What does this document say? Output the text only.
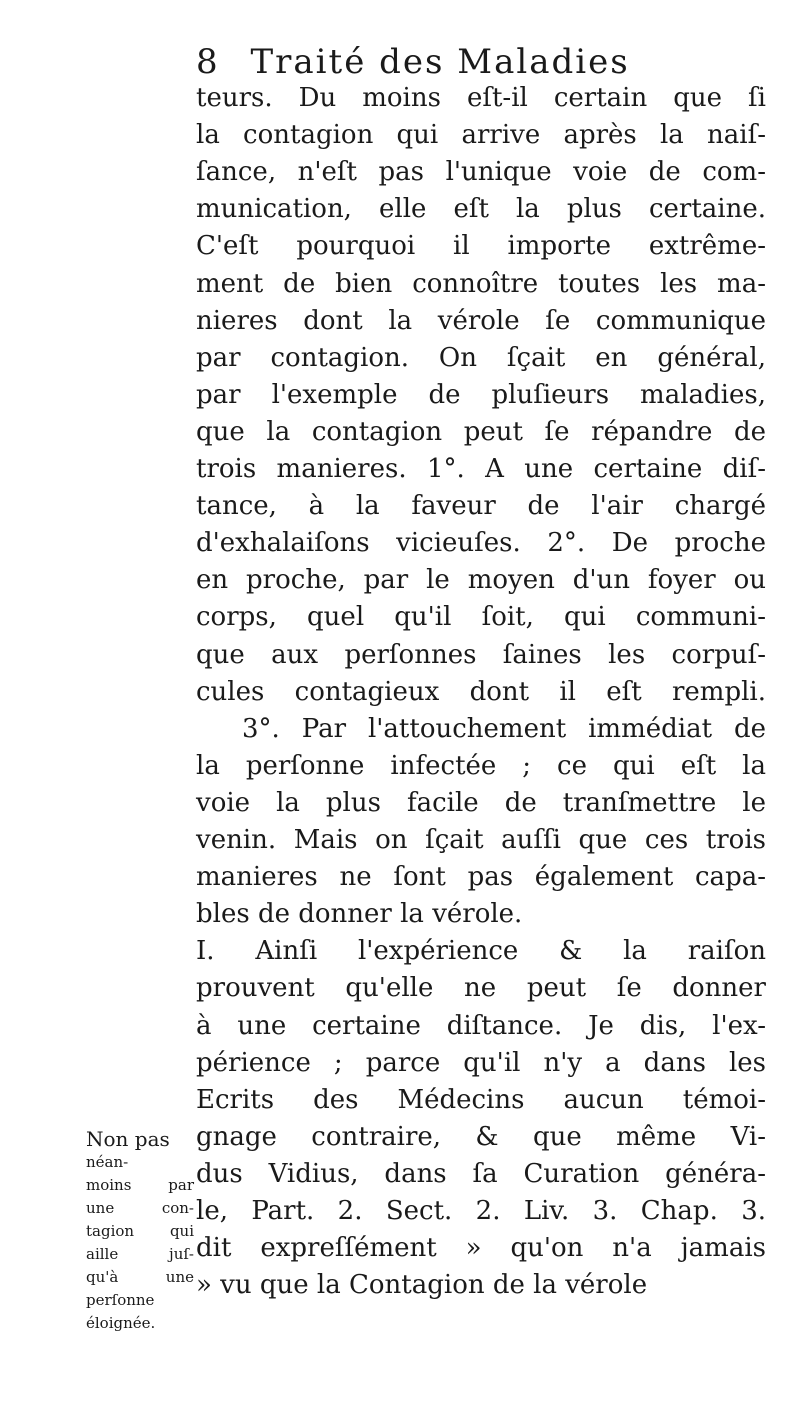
8 Traité des Maladies
teurs. Du moins eſt-il certain que ſi
la contagion qui arrive après la naiſ-
ſance, n'eſt pas l'unique voie de com-
munication, elle eſt la plus certaine.
C'eſt pourquoi il importe extrême-
ment de bien connoître toutes les ma-
nieres dont la vérole ſe communique
par contagion. On ſçait en général,
par l'exemple de pluſieurs maladies,
que la contagion peut ſe répandre de
trois manieres. 1°. A une certaine diſ-
tance, à la faveur de l'air chargé
d'exhalaiſons vicieuſes. 2°. De proche
en proche, par le moyen d'un foyer ou
corps, quel qu'il ſoit, qui communi-
que aux perſonnes ſaines les corpuſ-
cules contagieux dont il eſt rempli.
3°. Par l'attouchement immédiat de
la perſonne infectée ; ce qui eſt la
voie la plus facile de tranſmettre le
venin. Mais on ſçait auſſi que ces trois
manieres ne ſont pas également capa-
bles de donner la vérole.
I. Ainſi l'expérience & la raiſon
prouvent qu'elle ne peut ſe donner
à une certaine diſtance. Je dis, l'ex-
périence ; parce qu'il n'y a dans les
Ecrits des Médecins aucun témoi-
gnage contraire, & que même Vi-
dus Vidius, dans ſa Curation généra-
le, Part. 2. Sect. 2. Liv. 3. Chap. 3.
dit expreſſément » qu'on n'a jamais
» vu que la Contagion de la vérole
Non pas
néan-
moins par
une con-
tagion qui
aille juſ-
qu'à une
perſonne
éloignée.
